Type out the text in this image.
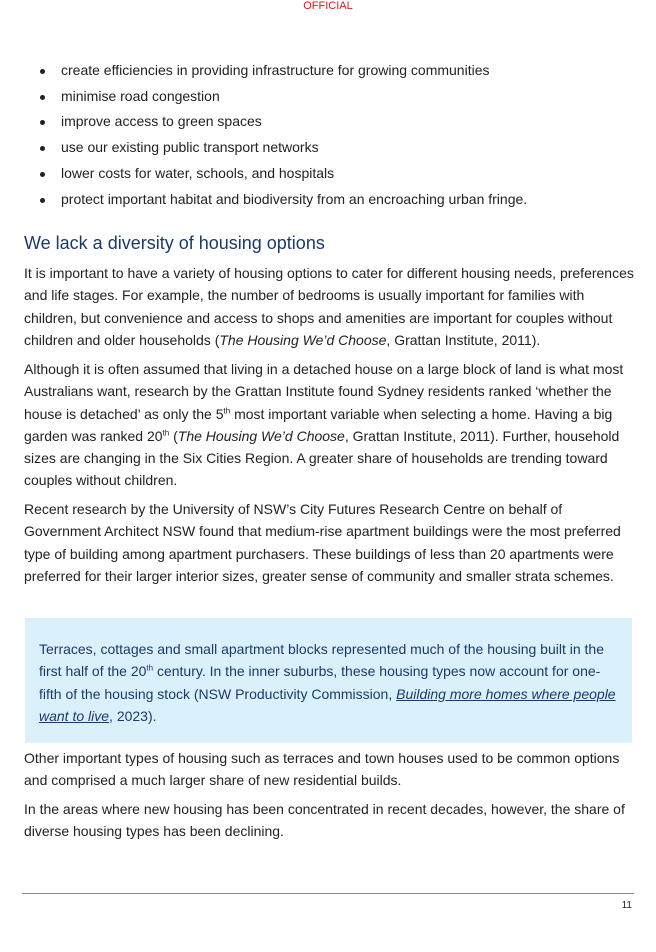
OFFICIAL
create efficiencies in providing infrastructure for growing communities
minimise road congestion
improve access to green spaces
use our existing public transport networks
lower costs for water, schools, and hospitals
protect important habitat and biodiversity from an encroaching urban fringe.
We lack a diversity of housing options

It is important to have a variety of housing options to cater for different housing needs, preferences and life stages. For example, the number of bedrooms is usually important for families with children, but convenience and access to shops and amenities are important for couples without children and older households (The Housing We’d Choose, Grattan Institute, 2011).

Although it is often assumed that living in a detached house on a large block of land is what most Australians want, research by the Grattan Institute found Sydney residents ranked ‘whether the house is detached’ as only the 5th most important variable when selecting a home. Having a big garden was ranked 20th (The Housing We’d Choose, Grattan Institute, 2011). Further, household sizes are changing in the Six Cities Region. A greater share of households are trending toward couples without children.

Recent research by the University of NSW’s City Futures Research Centre on behalf of Government Architect NSW found that medium-rise apartment buildings were the most preferred type of building among apartment purchasers. These buildings of less than 20 apartments were preferred for their larger interior sizes, greater sense of community and smaller strata schemes.

Terraces, cottages and small apartment blocks represented much of the housing built in the first half of the 20th century. In the inner suburbs, these housing types now account for one-fifth of the housing stock (NSW Productivity Commission, Building more homes where people want to live, 2023).

Other important types of housing such as terraces and town houses used to be common options and comprised a much larger share of new residential builds.

In the areas where new housing has been concentrated in recent decades, however, the share of diverse housing types has been declining.

11
